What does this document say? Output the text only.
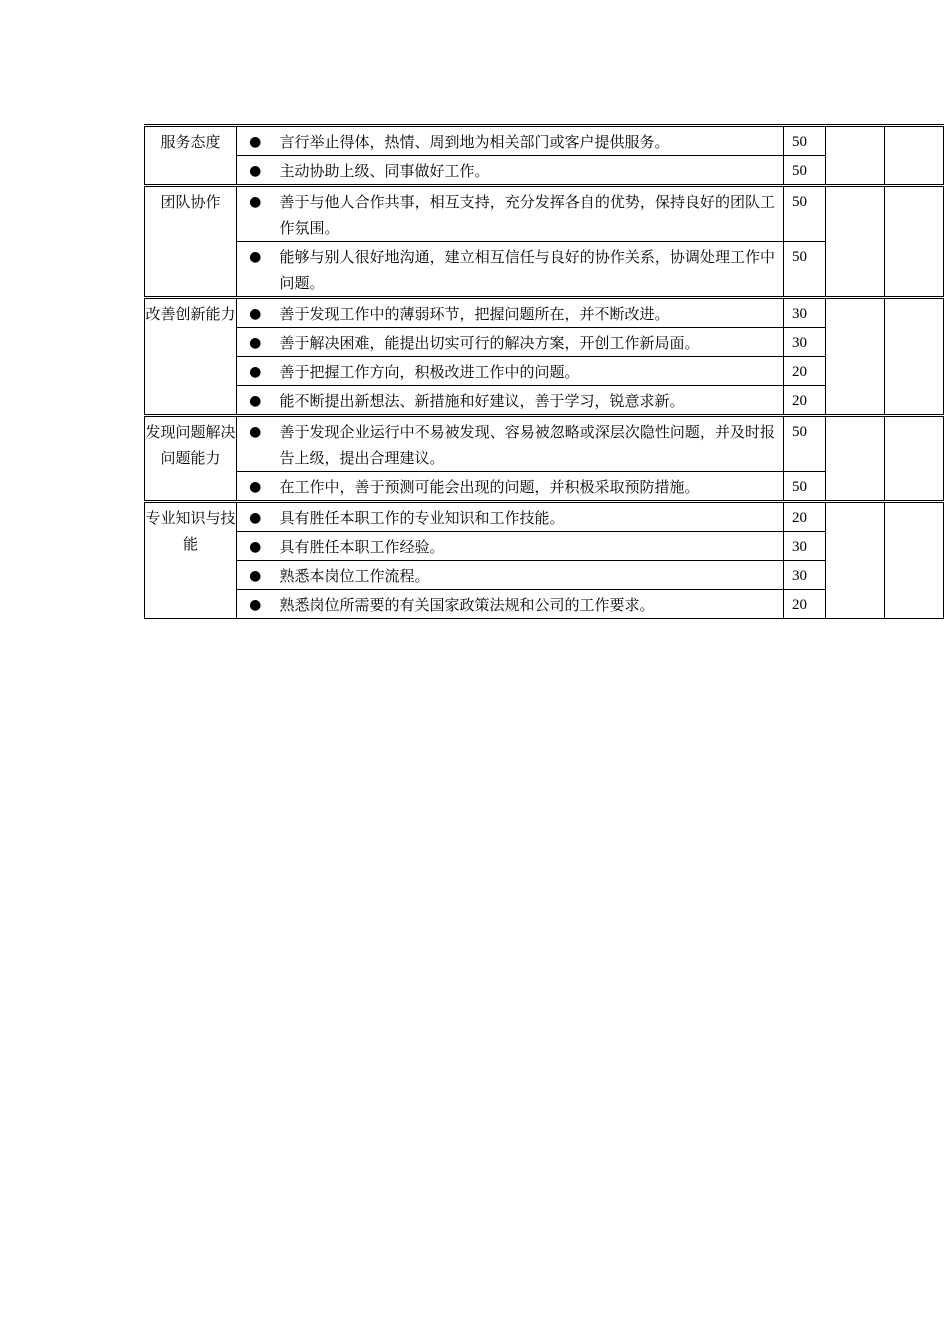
服务态度	●	言行举止得体，热情、周到地为相关部门或客户提供服务。	50		
	●	主动协助上级、同事做好工作。	50		
团队协作	●	善于与他人合作共事，相互支持，充分发挥各自的优势，保持良好的团队工作氛围。	50		
	●	能够与别人很好地沟通，建立相互信任与良好的协作关系，协调处理工作中问题。	50		
改善创新能力	●	善于发现工作中的薄弱环节，把握问题所在，并不断改进。	30		
	●	善于解决困难，能提出切实可行的解决方案，开创工作新局面。	30		
	●	善于把握工作方向，积极改进工作中的问题。	20		
	●	能不断提出新想法、新措施和好建议，善于学习，锐意求新。	20		
发现问题解决问题能力	●	善于发现企业运行中不易被发现、容易被忽略或深层次隐性问题，并及时报告上级，提出合理建议。	50		
	●	在工作中，善于预测可能会出现的问题，并积极采取预防措施。	50		
专业知识与技能	●	具有胜任本职工作的专业知识和工作技能。	20		
	●	具有胜任本职工作经验。	30		
	●	熟悉本岗位工作流程。	30		
	●	熟悉岗位所需要的有关国家政策法规和公司的工作要求。	20		
